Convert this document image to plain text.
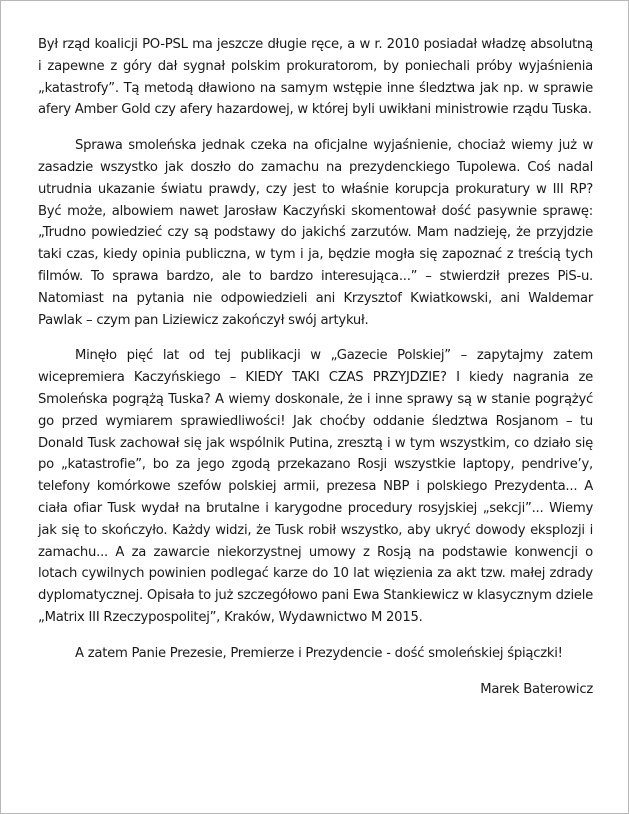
Był rząd koalicji PO-PSL ma jeszcze długie ręce, a w r. 2010 posiadał władzę absolutną i zapewne z góry dał sygnał polskim prokuratorom, by poniechali próby wyjaśnienia „katastrofy”. Tą metodą dławiono na samym wstępie inne śledztwa jak np. w sprawie afery Amber Gold czy afery hazardowej, w której byli uwikłani ministrowie rządu Tuska.

Sprawa smoleńska jednak czeka na oficjalne wyjaśnienie, chociaż wiemy już w zasadzie wszystko jak doszło do zamachu na prezydenckiego Tupolewa. Coś nadal utrudnia ukazanie światu prawdy, czy jest to właśnie korupcja prokuratury w III RP? Być może, albowiem nawet Jarosław Kaczyński skomentował dość pasywnie sprawę: „Trudno powiedzieć czy są podstawy do jakichś zarzutów. Mam nadzieję, że przyjdzie taki czas, kiedy opinia publiczna, w tym i ja, będzie mogła się zapoznać z treścią tych filmów. To sprawa bardzo, ale to bardzo interesująca...” – stwierdził prezes PiS-u. Natomiast na pytania nie odpowiedzieli ani Krzysztof Kwiatkowski, ani Waldemar Pawlak – czym pan Liziewicz zakończył swój artykuł.

Minęło pięć lat od tej publikacji w „Gazecie Polskiej” – zapytajmy zatem wicepremiera Kaczyńskiego – KIEDY TAKI CZAS PRZYJDZIE? I kiedy nagrania ze Smoleńska pogrążą Tuska? A wiemy doskonale, że i inne sprawy są w stanie pogrążyć go przed wymiarem sprawiedliwości! Jak choćby oddanie śledztwa Rosjanom – tu Donald Tusk zachował się jak wspólnik Putina, zresztą i w tym wszystkim, co działo się po „katastrofie”, bo za jego zgodą przekazano Rosji wszystkie laptopy, pendrive’y, telefony komórkowe szefów polskiej armii, prezesa NBP i polskiego Prezydenta... A ciała ofiar Tusk wydał na brutalne i karygodne procedury rosyjskiej „sekcji”... Wiemy jak się to skończyło. Każdy widzi, że Tusk robił wszystko, aby ukryć dowody eksplozji i zamachu... A za zawarcie niekorzystnej umowy z Rosją na podstawie konwencji o lotach cywilnych powinien podlegać karze do 10 lat więzienia za akt tzw. małej zdrady dyplomatycznej. Opisała to już szczegółowo pani Ewa Stankiewicz w klasycznym dziele „Matrix III Rzeczypospolitej”, Kraków, Wydawnictwo M 2015.

A zatem Panie Prezesie, Premierze i Prezydencie - dość smoleńskiej śpiączki!

Marek Baterowicz
